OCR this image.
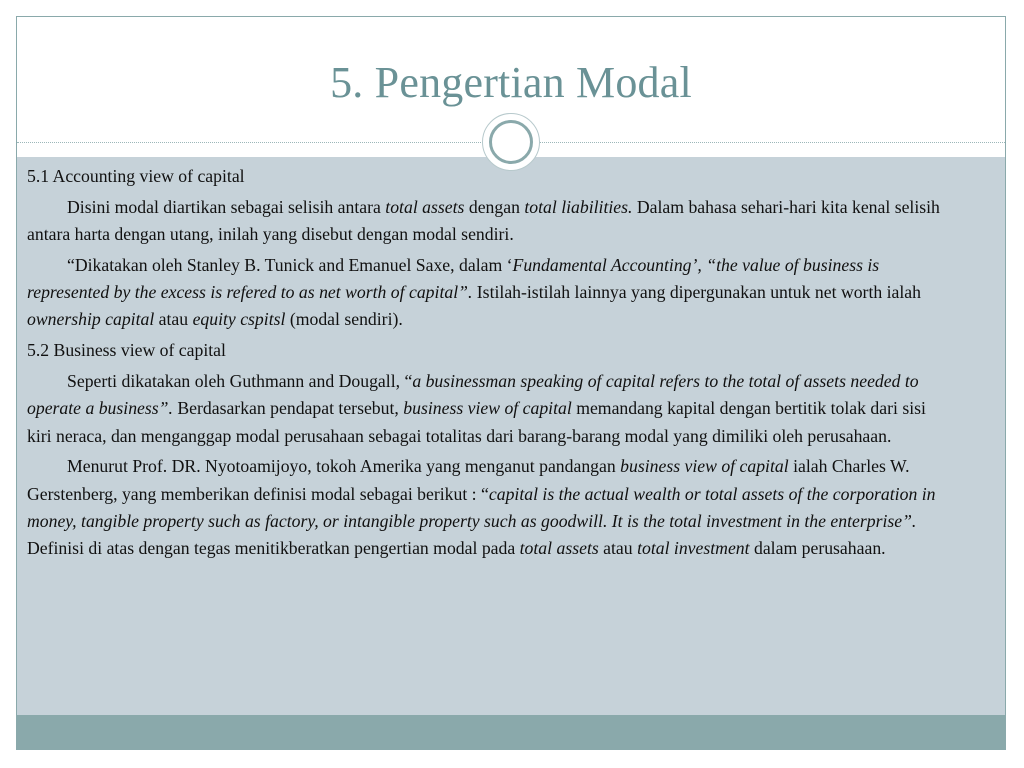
5. Pengertian Modal

5.1 Accounting view of capital

Disini modal diartikan sebagai selisih antara total assets dengan total liabilities. Dalam bahasa sehari-hari kita kenal selisih antara harta dengan utang, inilah yang disebut dengan modal sendiri.

“Dikatakan oleh Stanley B. Tunick and Emanuel Saxe, dalam ‘Fundamental Accounting’, “the value of business is represented by the excess is refered to as net worth of capital”. Istilah-istilah lainnya yang dipergunakan untuk net worth ialah ownership capital atau equity cspitsl (modal sendiri).

5.2 Business view of capital

Seperti dikatakan oleh Guthmann and Dougall, “a businessman speaking of capital refers to the total of assets needed to operate a business”. Berdasarkan pendapat tersebut, business view of capital memandang kapital dengan bertitik tolak dari sisi kiri neraca, dan menganggap modal perusahaan sebagai totalitas dari barang-barang modal yang dimiliki oleh perusahaan.

Menurut Prof. DR. Nyotoamijoyo, tokoh Amerika yang menganut pandangan business view of capital ialah Charles W. Gerstenberg, yang memberikan definisi modal sebagai berikut : “capital is the actual wealth or total assets of the corporation in money, tangible property such as factory, or intangible property such as goodwill. It is the total investment in the enterprise”. Definisi di atas dengan tegas menitikberatkan pengertian modal pada total assets atau total investment dalam perusahaan.
